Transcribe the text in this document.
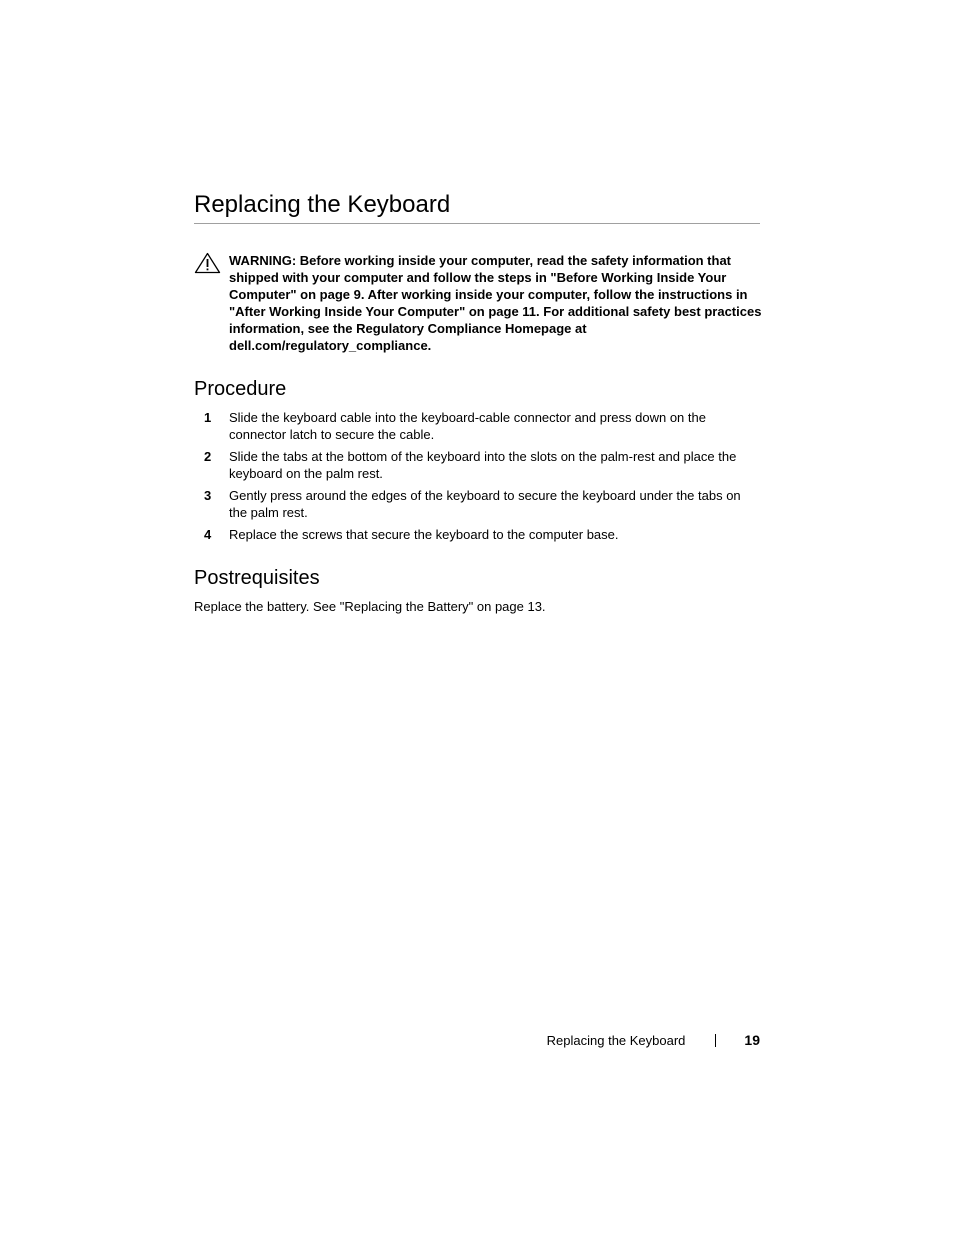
Replacing the Keyboard
WARNING: Before working inside your computer, read the safety information that shipped with your computer and follow the steps in "Before Working Inside Your Computer" on page 9. After working inside your computer, follow the instructions in "After Working Inside Your Computer" on page 11. For additional safety best practices information, see the Regulatory Compliance Homepage at dell.com/regulatory_compliance.
Procedure
1 Slide the keyboard cable into the keyboard-cable connector and press down on the connector latch to secure the cable.
2 Slide the tabs at the bottom of the keyboard into the slots on the palm-rest and place the keyboard on the palm rest.
3 Gently press around the edges of the keyboard to secure the keyboard under the tabs on the palm rest.
4 Replace the screws that secure the keyboard to the computer base.
Postrequisites

Replace the battery. See "Replacing the Battery" on page 13.

Replacing the Keyboard	19
